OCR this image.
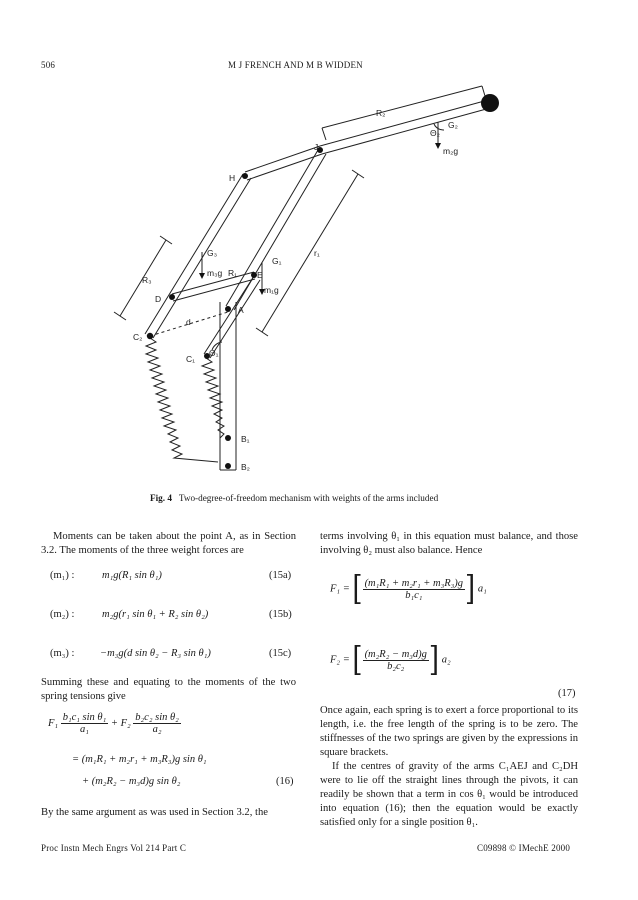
506	M J FRENCH AND M B WIDDEN
R₂
Θ₂
G₂
m₂g
J
H
r₁
G₃
G₁
R₃
R₁ E
m₃g
m₁g
D
d
A
C₂
Θ₁
C₁
B₁
B₂
Fig. 4 Two-degree-of-freedom mechanism with weights of the arms included
Moments can be taken about the point A, as in Section 3.2. The moments of the three weight forces are
(m₁) :	m₁g(R₁ sin θ₁)	(15a)
(m₂) :	m₂g(r₁ sin θ₁ + R₂ sin θ₂)	(15b)
(m₃) : −m₃g(d sin θ₂ − R₃ sin θ₁)	(15c)
Summing these and equating to the moments of the two spring tensions give
$F_1 \frac{\text{b₁c₁ sin θ₁}}{\text{a₁}} + F_2 \frac{\text{b₂c₂ sin θ₂}}{\text{a₂}}$
= (m₁R₁ + m₂r₁ + m₃R₃)g sin θ₁
+ (m₂R₂ − m₃d)g sin θ₂	(16)
By the same argument as was used in Section 3.2, the
terms involving θ₁ in this equation must balance, and those involving θ₂ must also balance. Hence
F₁ = [ $\frac{\text{(m₁R₁ + m₂r₁ + m₃R₃)g}}{\text{b₁c₁}}$ ] a₁
F₂ = [ $\frac{\text{(m₂R₂ − m₃d)g}}{\text{b₂c₂}}$ ] a₂
(17)
Once again, each spring is to exert a force proportional to its length, i.e. the free length of the spring is to be zero. The stiffnesses of the two springs are given by the expressions in square brackets.
If the centres of gravity of the arms C₁AEJ and C₂DH were to lie off the straight lines through the pivots, it can readily be shown that a term in cos θ₁ would be introduced into equation (16); then the equation would be exactly satisfied only for a single position θ₁.
Proc Instn Mech Engrs Vol 214 Part C	C09898 © IMechE 2000
